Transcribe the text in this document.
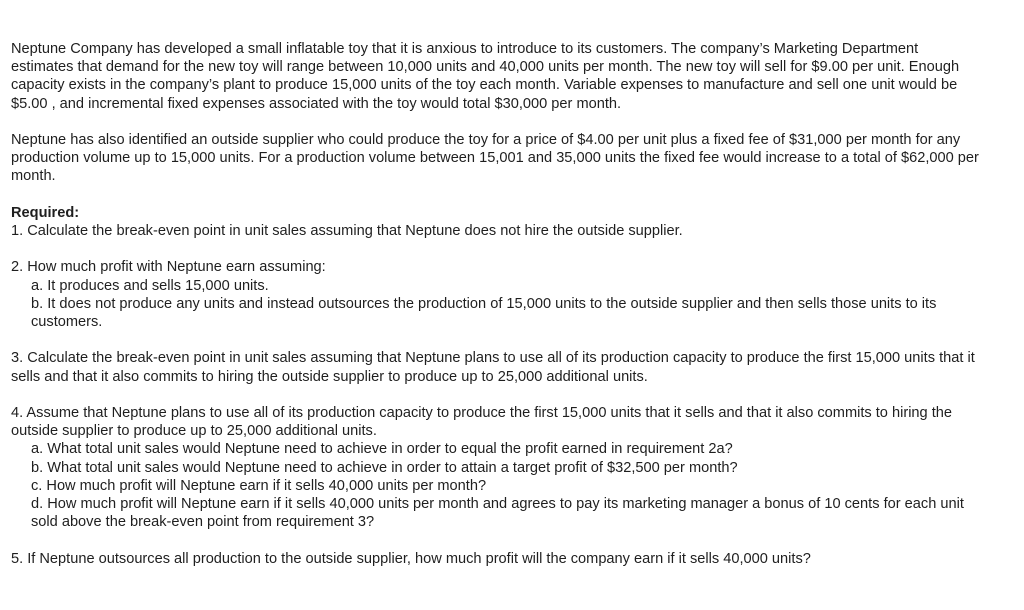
Neptune Company has developed a small inflatable toy that it is anxious to introduce to its customers. The company’s Marketing Department estimates that demand for the new toy will range between 10,000 units and 40,000 units per month. The new toy will sell for $9.00 per unit. Enough capacity exists in the company’s plant to produce 15,000 units of the toy each month. Variable expenses to manufacture and sell one unit would be $5.00 , and incremental fixed expenses associated with the toy would total $30,000 per month.

Neptune has also identified an outside supplier who could produce the toy for a price of $4.00 per unit plus a fixed fee of $31,000 per month for any production volume up to 15,000 units. For a production volume between 15,001 and 35,000 units the fixed fee would increase to a total of $62,000 per month.

Required:

1. Calculate the break-even point in unit sales assuming that Neptune does not hire the outside supplier.

2. How much profit with Neptune earn assuming:

a. It produces and sells 15,000 units.

b. It does not produce any units and instead outsources the production of 15,000 units to the outside supplier and then sells those units to its customers.

3. Calculate the break-even point in unit sales assuming that Neptune plans to use all of its production capacity to produce the first 15,000 units that it sells and that it also commits to hiring the outside supplier to produce up to 25,000 additional units.

4. Assume that Neptune plans to use all of its production capacity to produce the first 15,000 units that it sells and that it also commits to hiring the outside supplier to produce up to 25,000 additional units.

a. What total unit sales would Neptune need to achieve in order to equal the profit earned in requirement 2a?

b. What total unit sales would Neptune need to achieve in order to attain a target profit of $32,500 per month?

c. How much profit will Neptune earn if it sells 40,000 units per month?

d. How much profit will Neptune earn if it sells 40,000 units per month and agrees to pay its marketing manager a bonus of 10 cents for each unit sold above the break-even point from requirement 3?

5. If Neptune outsources all production to the outside supplier, how much profit will the company earn if it sells 40,000 units?
